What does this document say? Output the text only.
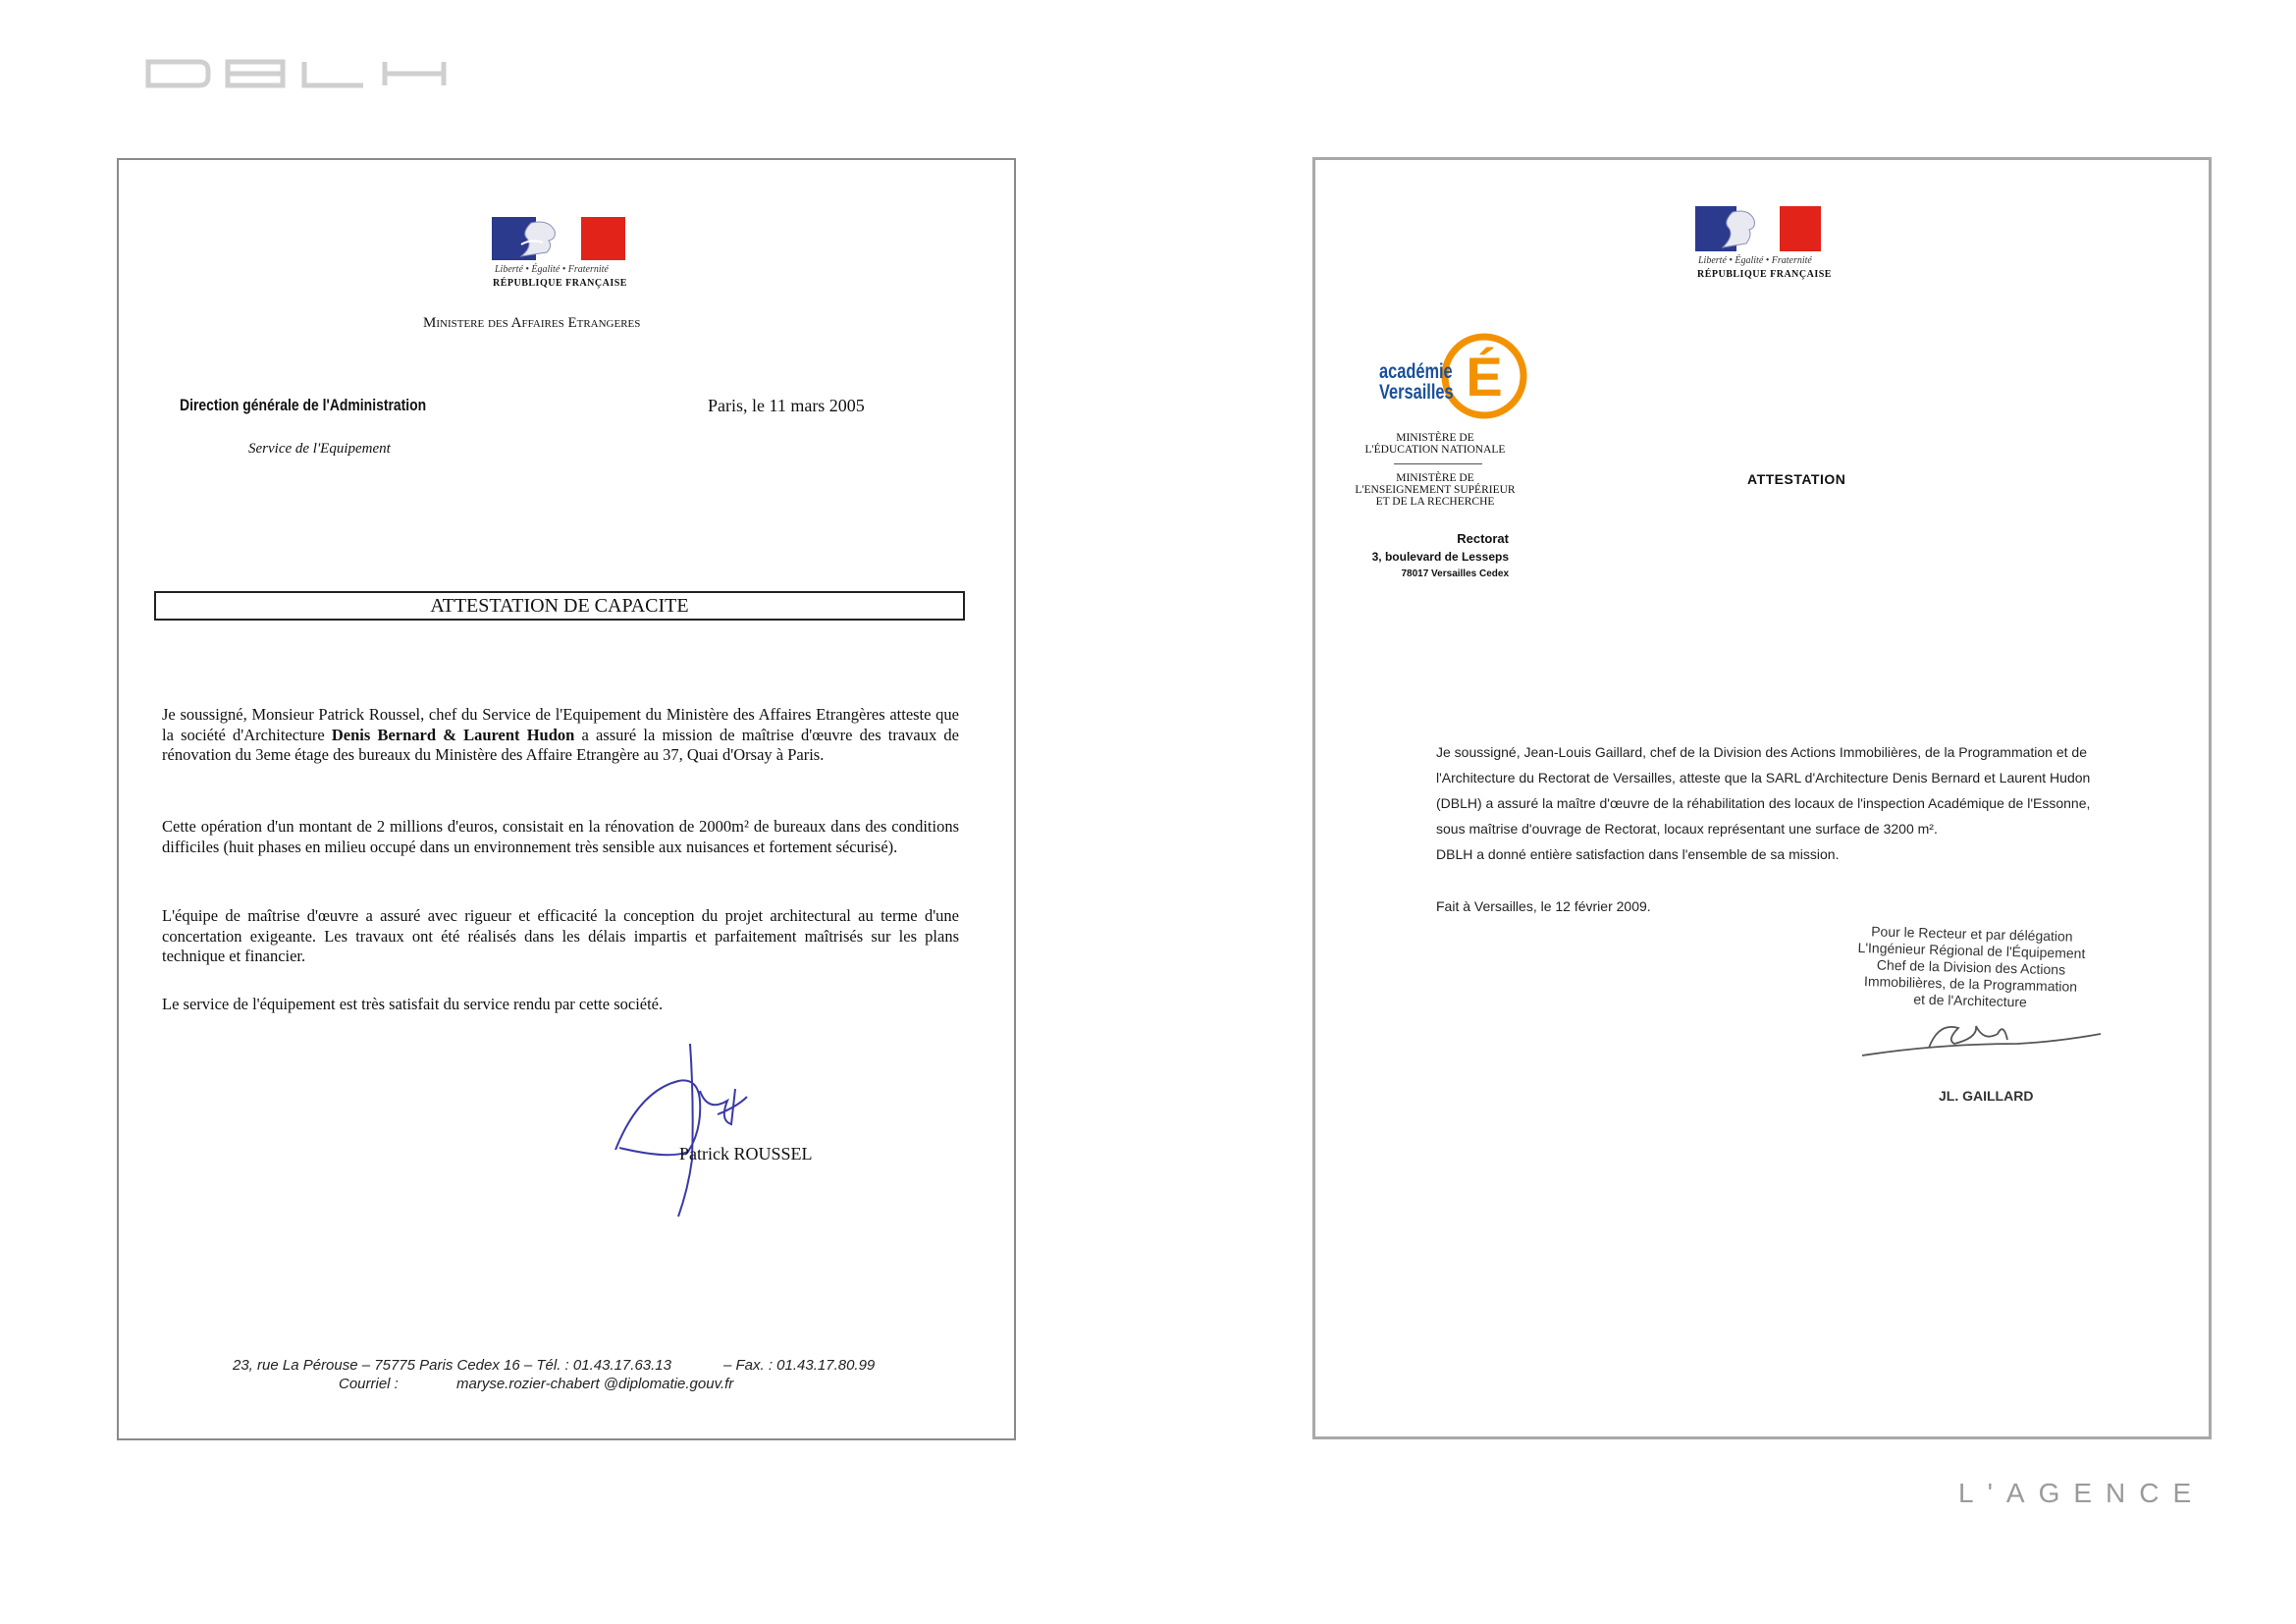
L'AGENCE
Liberté • Égalité • Fraternité
RÉPUBLIQUE FRANÇAISE
Ministere des Affaires Etrangeres
Direction générale de l'Administration	Paris, le 11 mars 2005
Service de l'Equipement
ATTESTATION DE CAPACITE
Je soussigné, Monsieur Patrick Roussel, chef du Service de l'Equipement du Ministère des Affaires Etrangères atteste que la société d'Architecture Denis Bernard & Laurent Hudon a assuré la mission de maîtrise d'œuvre des travaux de rénovation du 3eme étage des bureaux du Ministère des Affaire Etrangère au 37, Quai d'Orsay à Paris.
Cette opération d'un montant de 2 millions d'euros, consistait en la rénovation de 2000m² de bureaux dans des conditions difficiles (huit phases en milieu occupé dans un environnement très sensible aux nuisances et fortement sécurisé).
L'équipe de maîtrise d'œuvre a assuré avec rigueur et efficacité la conception du projet architectural au terme d'une concertation exigeante. Les travaux ont été réalisés dans les délais impartis et parfaitement maîtrisés sur les plans technique et financier.
Le service de l'équipement est très satisfait du service rendu par cette société.
Patrick ROUSSEL
23, rue La Pérouse – 75775 Paris Cedex 16 – Tél. : 01.43.17.63.13	– Fax. : 01.43.17.80.99
Courriel :	maryse.rozier-chabert @diplomatie.gouv.fr
Liberté • Égalité • Fraternité
RÉPUBLIQUE FRANÇAISE
É
académie
Versailles
MINISTÈRE DE
L'ÉDUCATION NATIONALE
MINISTÈRE DE
L'ENSEIGNEMENT SUPÉRIEUR
ET DE LA RECHERCHE
Rectorat
3, boulevard de Lesseps
78017 Versailles Cedex
ATTESTATION
Je soussigné, Jean-Louis Gaillard, chef de la Division des Actions Immobilières, de la Programmation et de
l'Architecture du Rectorat de Versailles, atteste que la SARL d'Architecture Denis Bernard et Laurent Hudon
(DBLH) a assuré la maître d'œuvre de la réhabilitation des locaux de l'inspection Académique de l'Essonne,
sous maîtrise d'ouvrage de Rectorat, locaux représentant une surface de 3200 m².
DBLH a donné entière satisfaction dans l'ensemble de sa mission.
Fait à Versailles, le 12 février 2009.
Pour le Recteur et par délégation
L'Ingénieur Régional de l'Équipement
Chef de la Division des Actions
Immobilières, de la Programmation
et de l'Architecture
JL. GAILLARD
